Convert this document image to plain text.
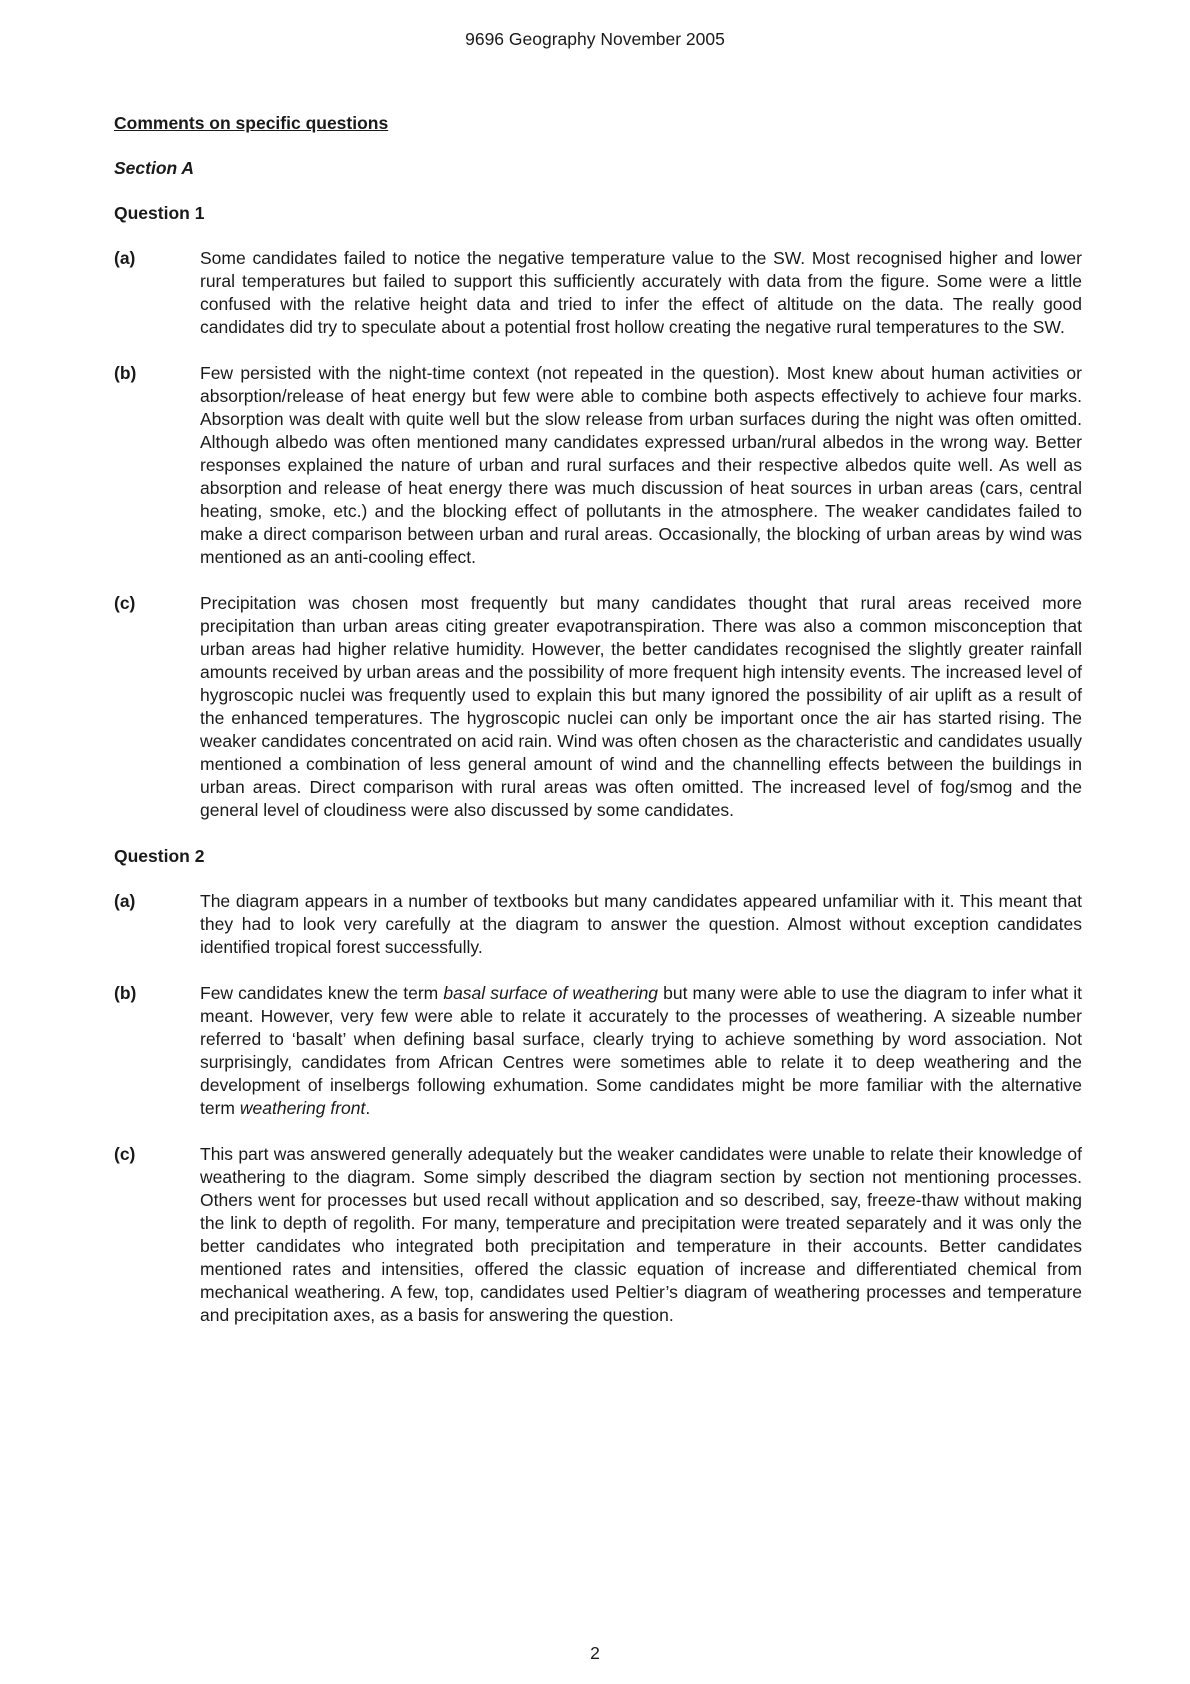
9696 Geography November 2005
Comments on specific questions
Section A
Question 1
(a)	Some candidates failed to notice the negative temperature value to the SW. Most recognised higher and lower rural temperatures but failed to support this sufficiently accurately with data from the figure. Some were a little confused with the relative height data and tried to infer the effect of altitude on the data. The really good candidates did try to speculate about a potential frost hollow creating the negative rural temperatures to the SW.
(b)	Few persisted with the night-time context (not repeated in the question). Most knew about human activities or absorption/release of heat energy but few were able to combine both aspects effectively to achieve four marks. Absorption was dealt with quite well but the slow release from urban surfaces during the night was often omitted. Although albedo was often mentioned many candidates expressed urban/rural albedos in the wrong way. Better responses explained the nature of urban and rural surfaces and their respective albedos quite well. As well as absorption and release of heat energy there was much discussion of heat sources in urban areas (cars, central heating, smoke, etc.) and the blocking effect of pollutants in the atmosphere. The weaker candidates failed to make a direct comparison between urban and rural areas. Occasionally, the blocking of urban areas by wind was mentioned as an anti-cooling effect.
(c)	Precipitation was chosen most frequently but many candidates thought that rural areas received more precipitation than urban areas citing greater evapotranspiration. There was also a common misconception that urban areas had higher relative humidity. However, the better candidates recognised the slightly greater rainfall amounts received by urban areas and the possibility of more frequent high intensity events. The increased level of hygroscopic nuclei was frequently used to explain this but many ignored the possibility of air uplift as a result of the enhanced temperatures. The hygroscopic nuclei can only be important once the air has started rising. The weaker candidates concentrated on acid rain. Wind was often chosen as the characteristic and candidates usually mentioned a combination of less general amount of wind and the channelling effects between the buildings in urban areas. Direct comparison with rural areas was often omitted. The increased level of fog/smog and the general level of cloudiness were also discussed by some candidates.
Question 2
(a)	The diagram appears in a number of textbooks but many candidates appeared unfamiliar with it. This meant that they had to look very carefully at the diagram to answer the question. Almost without exception candidates identified tropical forest successfully.
(b)	Few candidates knew the term basal surface of weathering but many were able to use the diagram to infer what it meant. However, very few were able to relate it accurately to the processes of weathering. A sizeable number referred to ‘basalt’ when defining basal surface, clearly trying to achieve something by word association. Not surprisingly, candidates from African Centres were sometimes able to relate it to deep weathering and the development of inselbergs following exhumation. Some candidates might be more familiar with the alternative term weathering front.
(c)	This part was answered generally adequately but the weaker candidates were unable to relate their knowledge of weathering to the diagram. Some simply described the diagram section by section not mentioning processes. Others went for processes but used recall without application and so described, say, freeze-thaw without making the link to depth of regolith. For many, temperature and precipitation were treated separately and it was only the better candidates who integrated both precipitation and temperature in their accounts. Better candidates mentioned rates and intensities, offered the classic equation of increase and differentiated chemical from mechanical weathering. A few, top, candidates used Peltier’s diagram of weathering processes and temperature and precipitation axes, as a basis for answering the question.
2
